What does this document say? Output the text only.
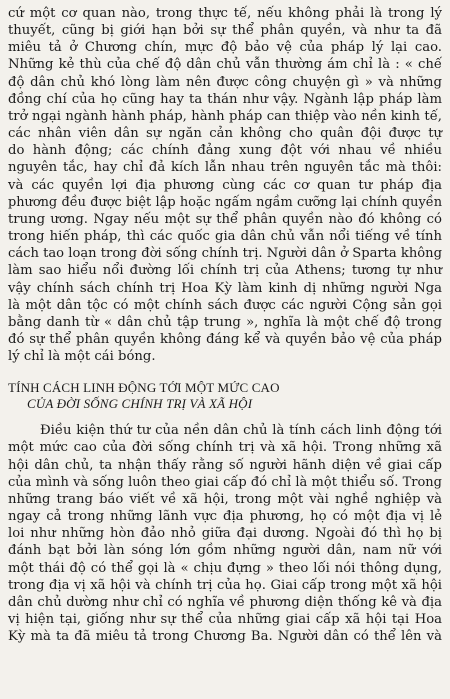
cứ một cơ quan nào, trong thực tế, nếu không phải là trong lý
thuyết, cũng bị giới hạn bởi sự thể phân quyền, và như ta đã
miêu tả ở Chương chín, mực độ bảo vệ của pháp lý lại cao.
Những kẻ thù của chế độ dân chủ vẫn thường ám chỉ là : « chế
độ dân chủ khó lòng làm nên được công chuyện gì » và những
đồng chí của họ cũng hay ta thán như vậy. Ngành lập pháp làm
trở ngại ngành hành pháp, hành pháp can thiệp vào nền kinh tế,
các nhân viên dân sự ngăn cản không cho quân đội được tự
do hành động; các chính đảng xung đột với nhau về nhiều
nguyên tắc, hay chỉ đả kích lẫn nhau trên nguyên tắc mà thôi:
và các quyền lợi địa phương cùng các cơ quan tư pháp địa
phương đều được biệt lập hoặc ngấm ngầm cưỡng lại chính quyền
trung ương. Ngay nếu một sự thể phân quyền nào đó không có
trong hiến pháp, thì các quốc gia dân chủ vẫn nổi tiếng về tính
cách tao loạn trong đời sống chính trị. Người dân ở Sparta không
làm sao hiểu nổi đường lối chính trị của Athens; tương tự như
vậy chính sách chính trị Hoa Kỳ làm kinh dị những người Nga
là một dân tộc có một chính sách được các người Cộng sản gọi
bằng danh từ « dân chủ tập trung », nghĩa là một chế độ trong
đó sự thể phân quyền không đáng kể và quyền bảo vệ của pháp
lý chỉ là một cái bóng.

TÍNH CÁCH LINH ĐỘNG TỚI MỘT MỨC CAO
CỦA ĐỜI SỐNG CHÍNH TRỊ VÀ XÃ HỘI

Điều kiện thứ tư của nền dân chủ là tính cách linh động tới
một mức cao của đời sống chính trị và xã hội. Trong những xã
hội dân chủ, ta nhận thấy rằng số người hãnh diện về giai cấp
của mình và sống luôn theo giai cấp đó chỉ là một thiểu số. Trong
những trang báo viết về xã hội, trong một vài nghề nghiệp và
ngay cả trong những lãnh vực địa phương, họ có một địa vị lẻ
loi như những hòn đảo nhỏ giữa đại dương. Ngoài đó thì họ bị
đánh bạt bởi làn sóng lớn gồm những người dân, nam nữ với
một thái độ có thể gọi là « chịu đựng » theo lối nói thông dụng,
trong địa vị xã hội và chính trị của họ. Giai cấp trong một xã hội
dân chủ dường như chỉ có nghĩa về phương diện thống kê và địa
vị hiện tại, giống như sự thể của những giai cấp xã hội tại Hoa
Kỳ mà ta đã miêu tả trong Chương Ba. Người dân có thể lên và
